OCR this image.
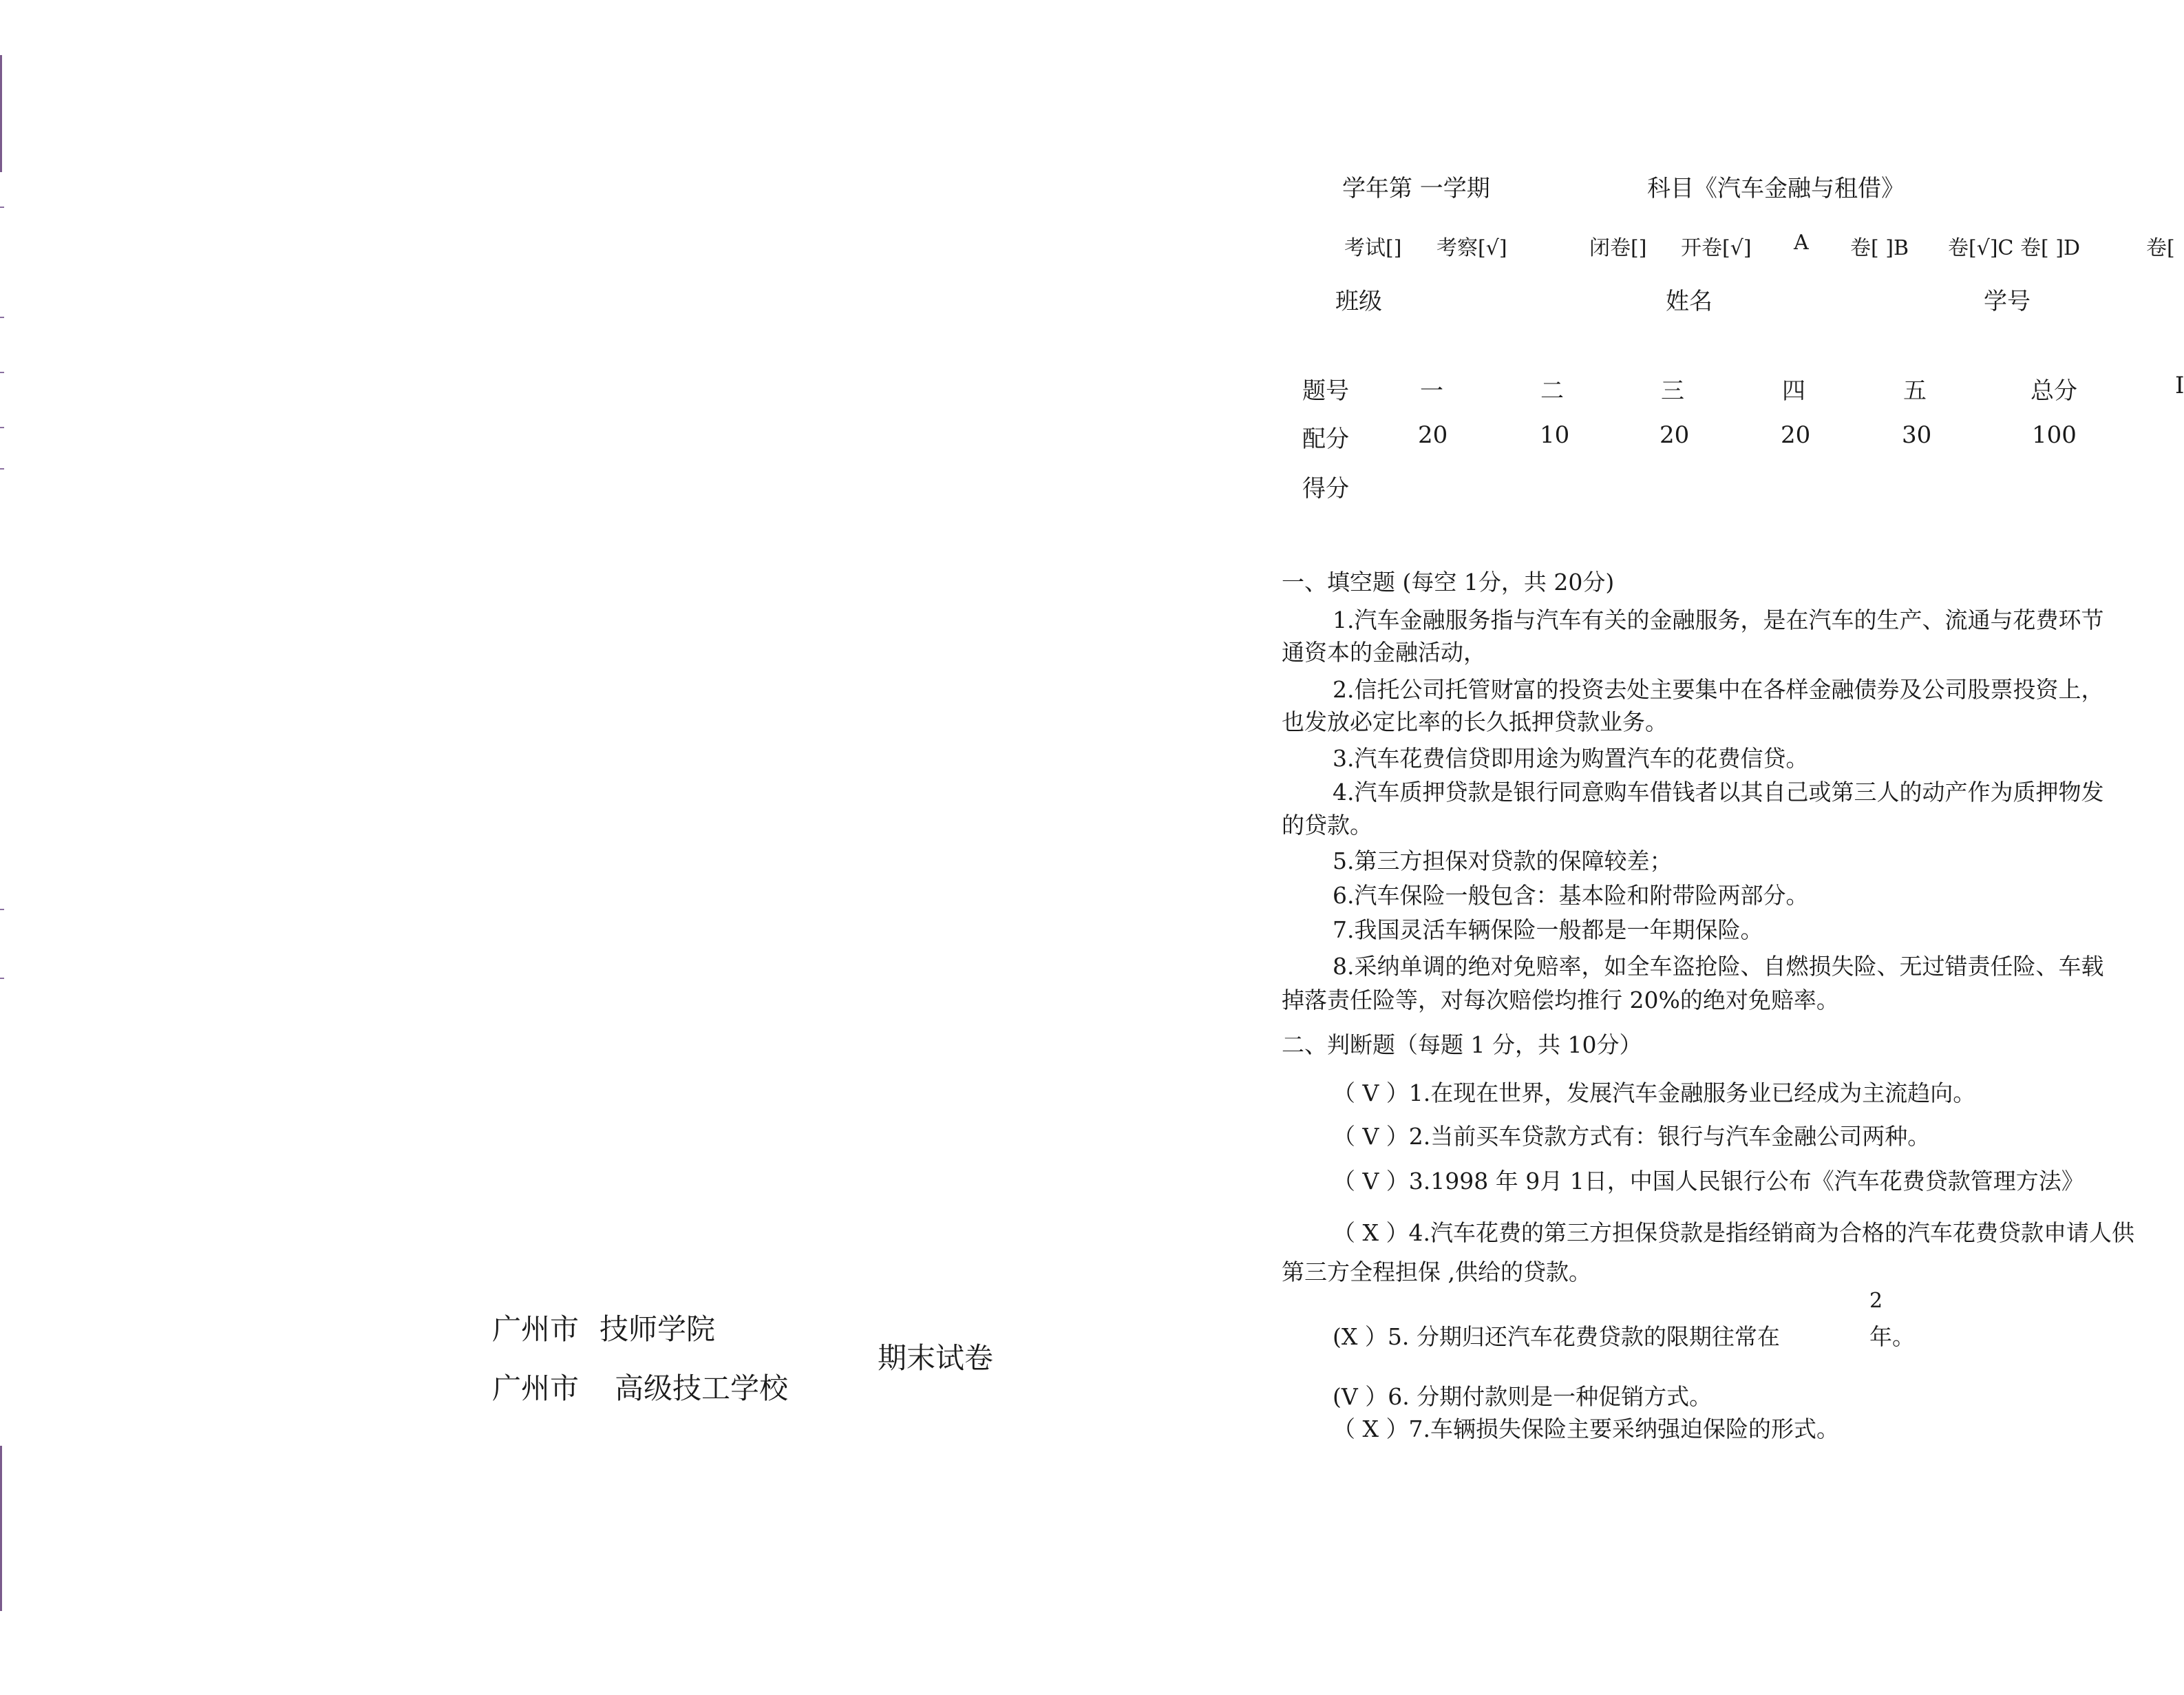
广州市 技师学院
广州市 高级技工学校
期末试卷
学年第 一学期	科目《汽车金融与租借》
考试[] 考察[√]	闭卷[] 开卷[√] A 卷[ ]B 卷[√]C 卷[ ]D	卷[
班级	姓名	学号
题号	一	二	三	四	五	总分	I
配分	20	10	20	20	30	100
得分
一、填空题 (每空 1分，共 20分)
1.汽车金融服务指与汽车有关的金融服务，是在汽车的生产、流通与花费环节
通资本的金融活动，
2.信托公司托管财富的投资去处主要集中在各样金融债券及公司股票投资上，
也发放必定比率的长久抵押贷款业务。
3.汽车花费信贷即用途为购置汽车的花费信贷。
4.汽车质押贷款是银行同意购车借钱者以其自己或第三人的动产作为质押物发
的贷款。
5.第三方担保对贷款的保障较差；
6.汽车保险一般包含：基本险和附带险两部分。
7.我国灵活车辆保险一般都是一年期保险。
8.采纳单调的绝对免赔率，如全车盗抢险、自燃损失险、无过错责任险、车载
掉落责任险等，对每次赔偿均推行 20%的绝对免赔率。
二、判断题（每题 1 分，共 10分）
（ V ）1.在现在世界，发展汽车金融服务业已经成为主流趋向。
（ V ）2.当前买车贷款方式有：银行与汽车金融公司两种。
（ V ）3.1998 年 9月 1日，中国人民银行公布《汽车花费贷款管理方法》
（ X ）4.汽车花费的第三方担保贷款是指经销商为合格的汽车花费贷款申请人供
第三方全程担保 ,供给的贷款。
(X ）5. 分期归还汽车花费贷款的限期往常在
2
年。
(V ）6. 分期付款则是一种促销方式。
（ X ）7.车辆损失保险主要采纳强迫保险的形式。
